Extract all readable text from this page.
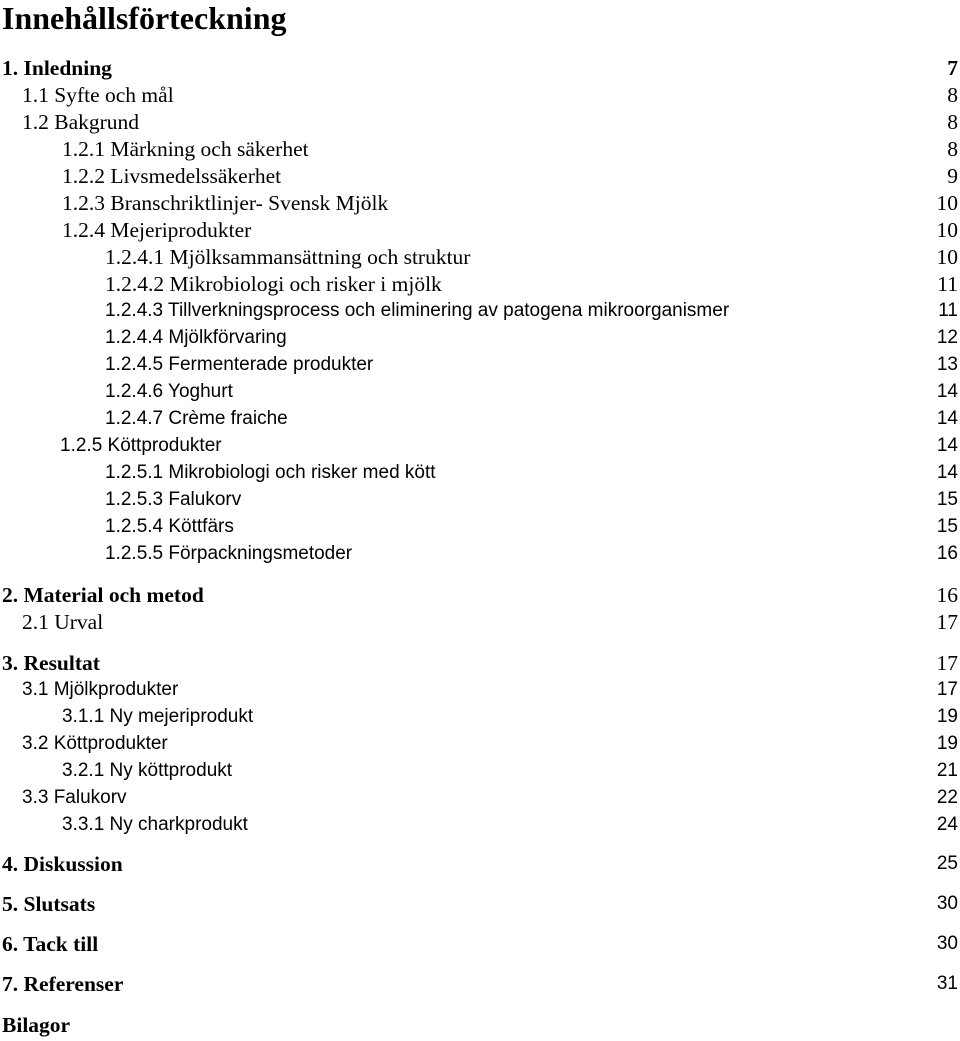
Innehållsförteckning
1. Inledning	7
1.1 Syfte och mål	8
1.2 Bakgrund	8
1.2.1 Märkning och säkerhet	8
1.2.2 Livsmedelssäkerhet	9
1.2.3 Branschriktlinjer- Svensk Mjölk	10
1.2.4 Mejeriprodukter	10
1.2.4.1 Mjölksammansättning och struktur	10
1.2.4.2 Mikrobiologi och risker i mjölk	11
1.2.4.3 Tillverkningsprocess och eliminering av patogena mikroorganismer	11
1.2.4.4 Mjölkförvaring	12
1.2.4.5 Fermenterade produkter	13
1.2.4.6 Yoghurt	14
1.2.4.7 Crème fraiche	14
1.2.5 Köttprodukter	14
1.2.5.1 Mikrobiologi och risker med kött	14
1.2.5.3 Falukorv	15
1.2.5.4 Köttfärs	15
1.2.5.5 Förpackningsmetoder	16
2. Material och metod	16
2.1 Urval	17
3. Resultat	17
3.1 Mjölkprodukter	17
3.1.1 Ny mejeriprodukt	19
3.2 Köttprodukter	19
3.2.1 Ny köttprodukt	21
3.3 Falukorv	22
3.3.1 Ny charkprodukt	24
4. Diskussion	25
5. Slutsats	30
6. Tack till	30
7. Referenser	31
Bilagor
